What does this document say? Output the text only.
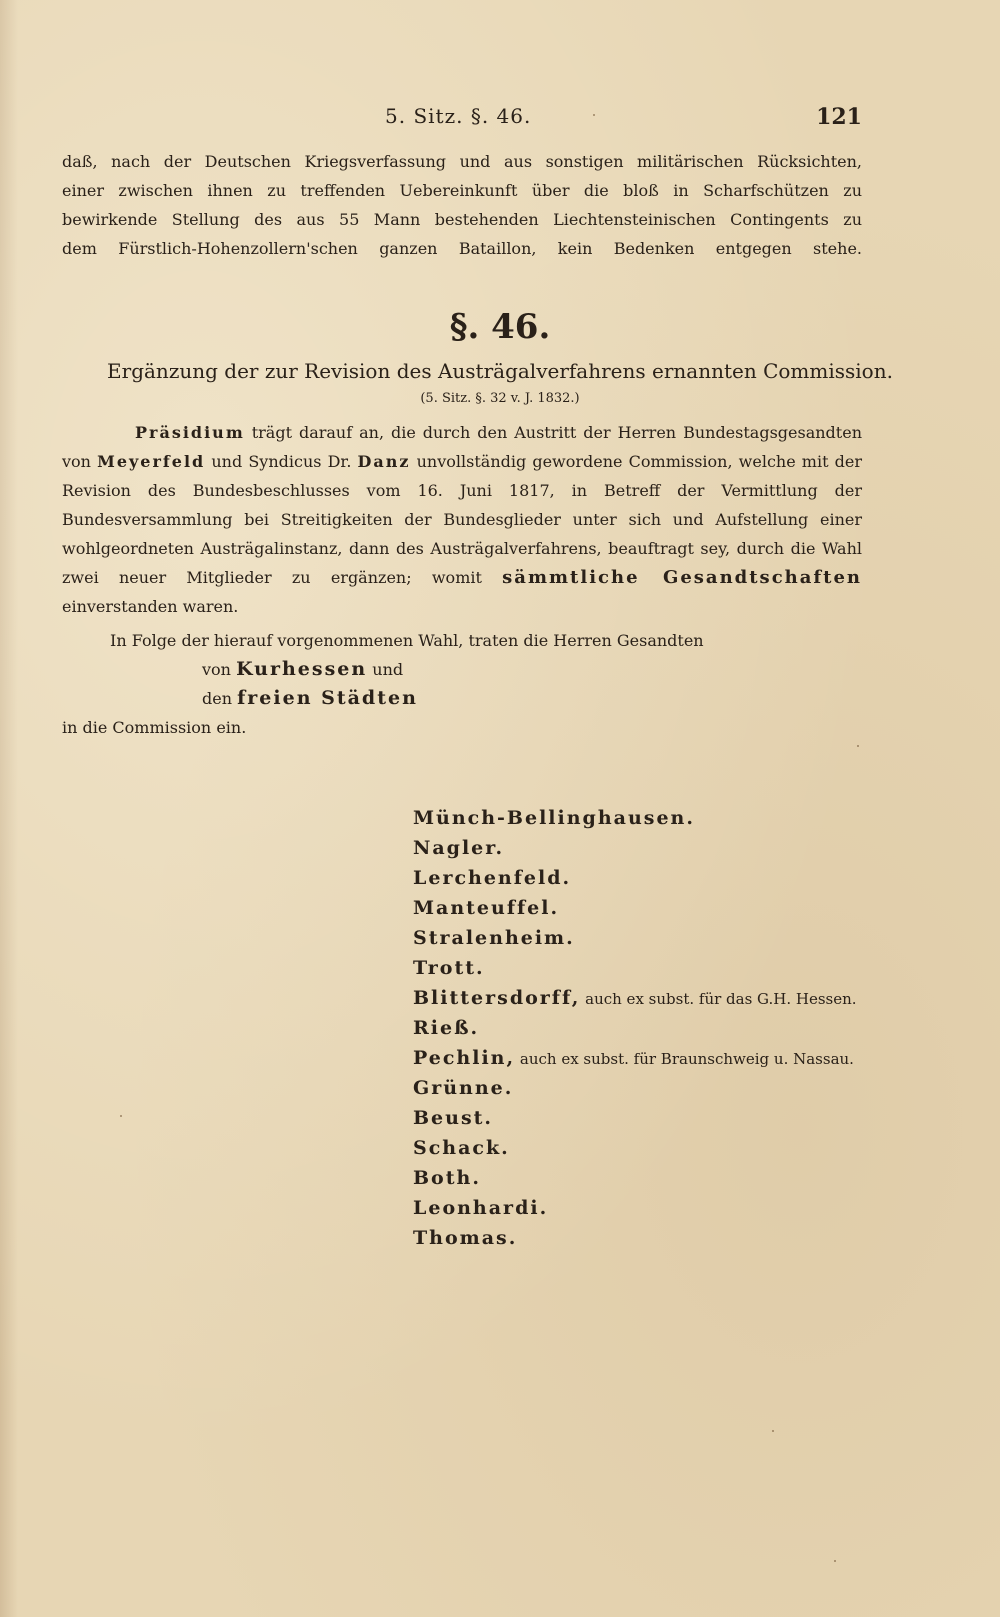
5. Sitz. §. 46.	121

daß, nach der Deutschen Kriegsverfassung und aus sonstigen militärischen Rücksichten,

einer zwischen ihnen zu treffenden Uebereinkunft über die bloß in Scharfschützen zu

bewirkende Stellung des aus 55 Mann bestehenden Liechtensteinischen Contingents zu

dem Fürstlich-Hohenzollern'schen ganzen Bataillon, kein Bedenken entgegen stehe.

§. 46.
Ergänzung der zur Revision des Austrägalverfahrens ernannten Commission.
(5. Sitz. §. 32 v. J. 1832.)

Präsidium trägt darauf an, die durch den Austritt der Herren Bundestagsgesandten von Meyerfeld und Syndicus Dr. Danz unvollständig gewordene Commission, welche mit der Revision des Bundesbeschlusses vom 16. Juni 1817, in Betreff der Vermittlung der Bundesversammlung bei Streitigkeiten der Bundesglieder unter sich und Aufstellung einer wohlgeordneten Austrägalinstanz, dann des Austrägalverfahrens, beauftragt sey, durch die Wahl zwei neuer Mitglieder zu ergänzen; womit sämmtliche Gesandtschaften einverstanden waren.

In Folge der hierauf vorgenommenen Wahl, traten die Herren Gesandten
von Kurhessen und
den freien Städten
in die Commission ein.
Münch-Bellinghausen.
Nagler.
Lerchenfeld.
Manteuffel.
Stralenheim.
Trott.
Blittersdorff, auch ex subst. für das G.H. Hessen.
Rieß.
Pechlin, auch ex subst. für Braunschweig u. Nassau.
Grünne.
Beust.
Schack.
Both.
Leonhardi.
Thomas.
